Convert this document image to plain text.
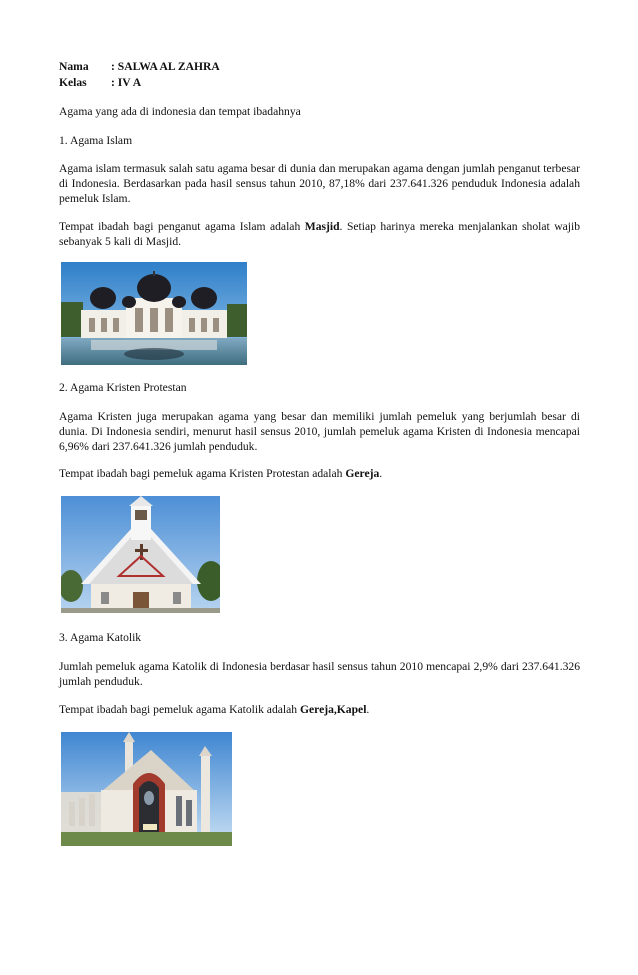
Nama : SALWA AL ZAHRA
Kelas : IV A

Agama yang ada di indonesia dan tempat ibadahnya

1. Agama Islam

Agama islam termasuk salah satu agama besar di dunia dan merupakan agama dengan jumlah penganut terbesar di Indonesia. Berdasarkan pada hasil sensus tahun 2010, 87,18% dari 237.641.326 penduduk Indonesia adalah pemeluk Islam.

Tempat ibadah bagi penganut agama Islam adalah Masjid. Setiap harinya mereka menjalankan sholat wajib sebanyak 5 kali di Masjid.

2. Agama Kristen Protestan

Agama Kristen juga merupakan agama yang besar dan memiliki jumlah pemeluk yang berjumlah besar di dunia. Di Indonesia sendiri, menurut hasil sensus 2010, jumlah pemeluk agama Kristen di Indonesia mencapai 6,96% dari 237.641.326 jumlah penduduk.

Tempat ibadah bagi pemeluk agama Kristen Protestan adalah Gereja.

3. Agama Katolik

Jumlah pemeluk agama Katolik di Indonesia berdasar hasil sensus tahun 2010 mencapai 2,9% dari 237.641.326 jumlah penduduk.

Tempat ibadah bagi pemeluk agama Katolik adalah Gereja,Kapel.
